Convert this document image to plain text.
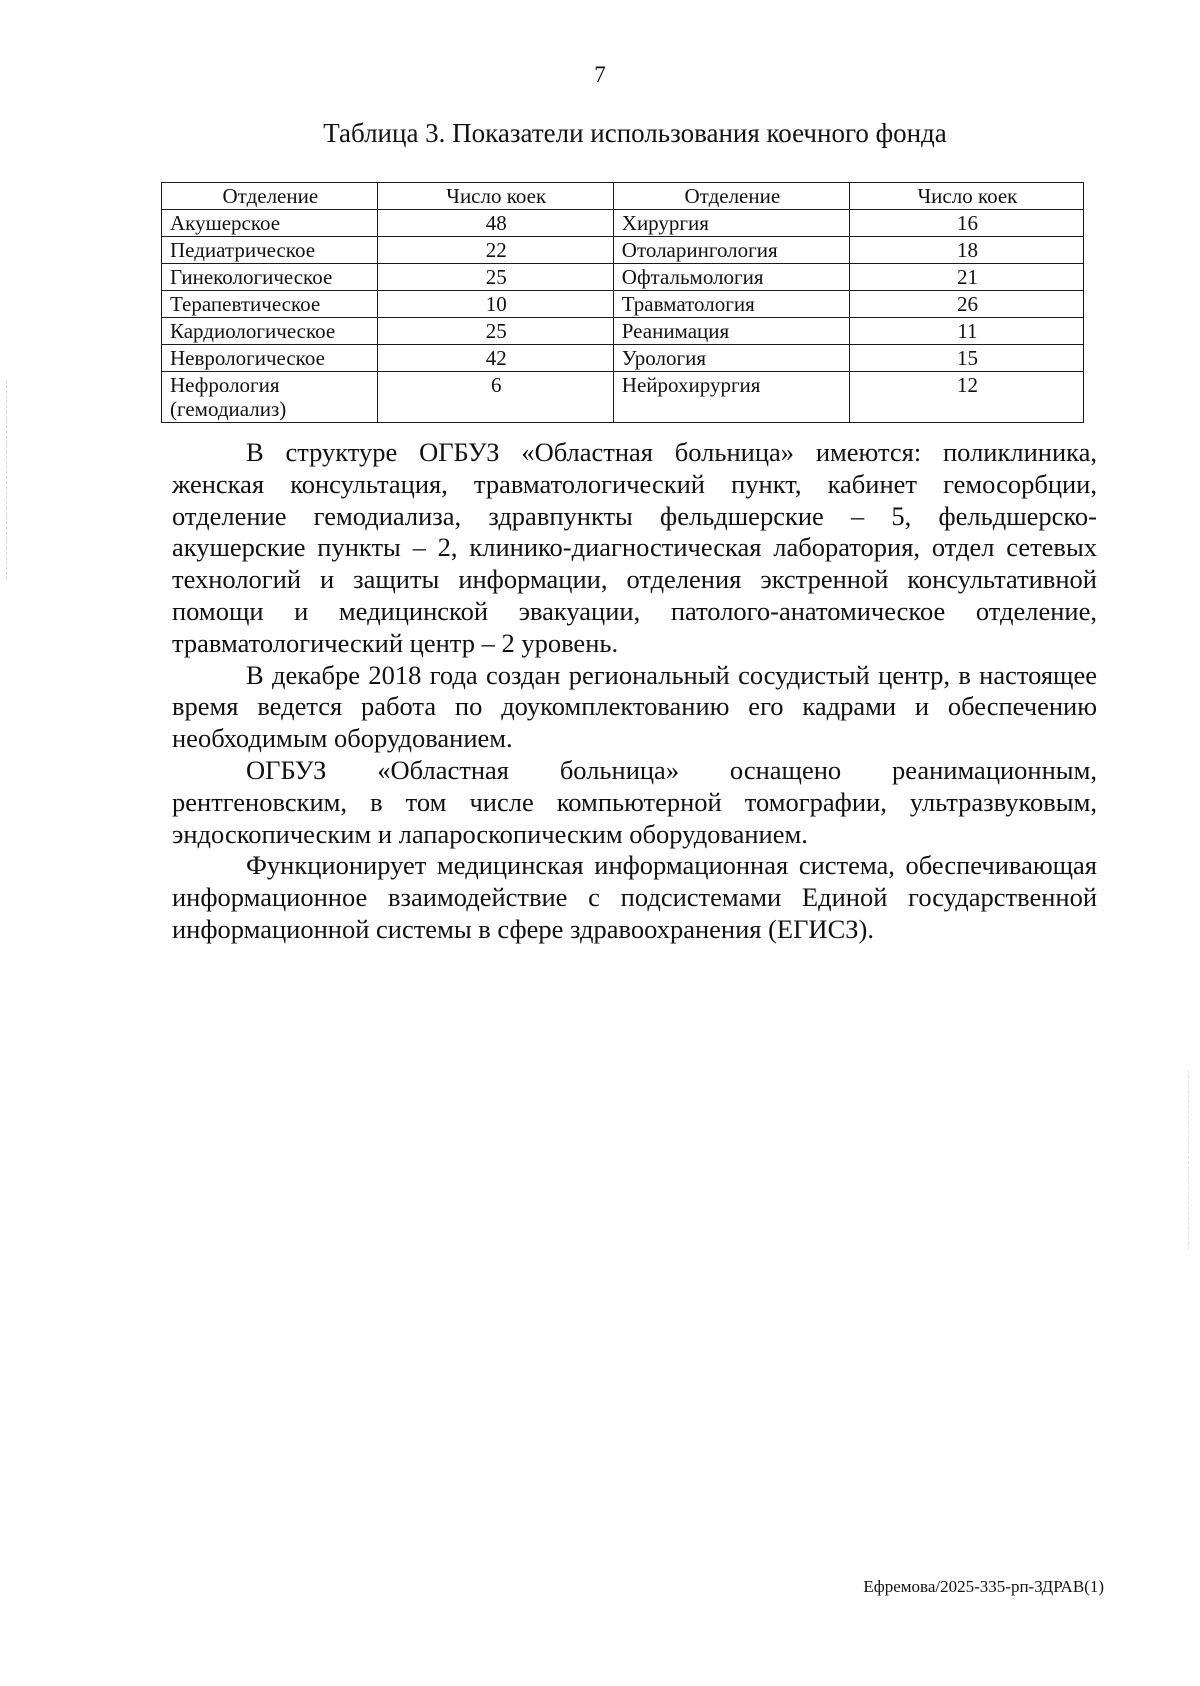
7
Таблица 3. Показатели использования коечного фонда
Отделение	Число коек	Отделение	Число коек
Акушерское	48	Хирургия	16
Педиатрическое	22	Отоларингология	18
Гинекологическое	25	Офтальмология	21
Терапевтическое	10	Травматология	26
Кардиологическое	25	Реанимация	11
Неврологическое	42	Урология	15
Нефрология (гемодиализ)	6	Нейрохирургия	12

В структуре ОГБУЗ «Областная больница» имеются: поликлиника, женская консультация, травматологический пункт, кабинет гемосорбции, отделение гемодиализа, здравпункты фельдшерские – 5, фельдшерско-акушерские пункты – 2, клинико-диагностическая лаборатория, отдел сетевых технологий и защиты информации, отделения экстренной консультативной помощи и медицинской эвакуации, патолого-анатомическое отделение, травматологический центр – 2 уровень.

В декабре 2018 года создан региональный сосудистый центр, в настоящее время ведется работа по доукомплектованию его кадрами и обеспечению необходимым оборудованием.

ОГБУЗ «Областная больница» оснащено реанимационным, рентгеновским, в том числе компьютерной томографии, ультразвуковым, эндоскопическим и лапароскопическим оборудованием.

Функционирует медицинская информационная система, обеспечивающая информационное взаимодействие с подсистемами Единой государственной информационной системы в сфере здравоохранения (ЕГИСЗ).

Ефремова/2025-335-рп-ЗДРАВ(1)
